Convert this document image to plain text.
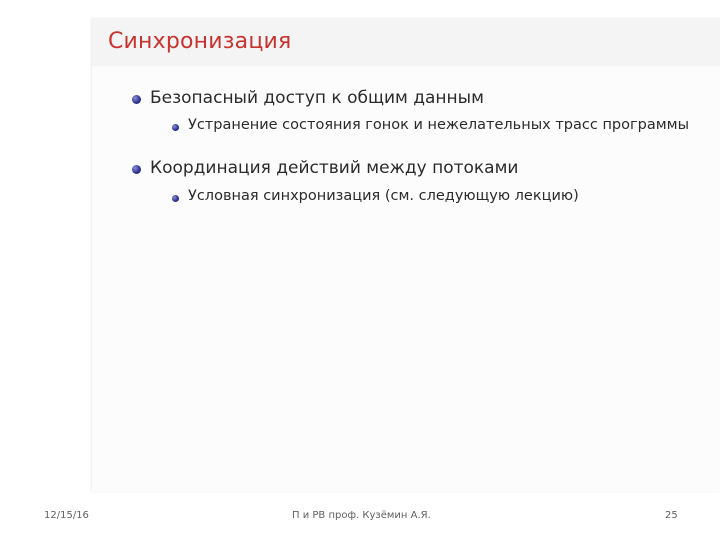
Синхронизация
Безопасный доступ к общим данным
Устранение состояния гонок и нежелательных трасс программы
Координация действий между потоками
Условная синхронизация (см. следующую лекцию)
12/15/16	П и РВ проф. Кузёмин А.Я.	25
